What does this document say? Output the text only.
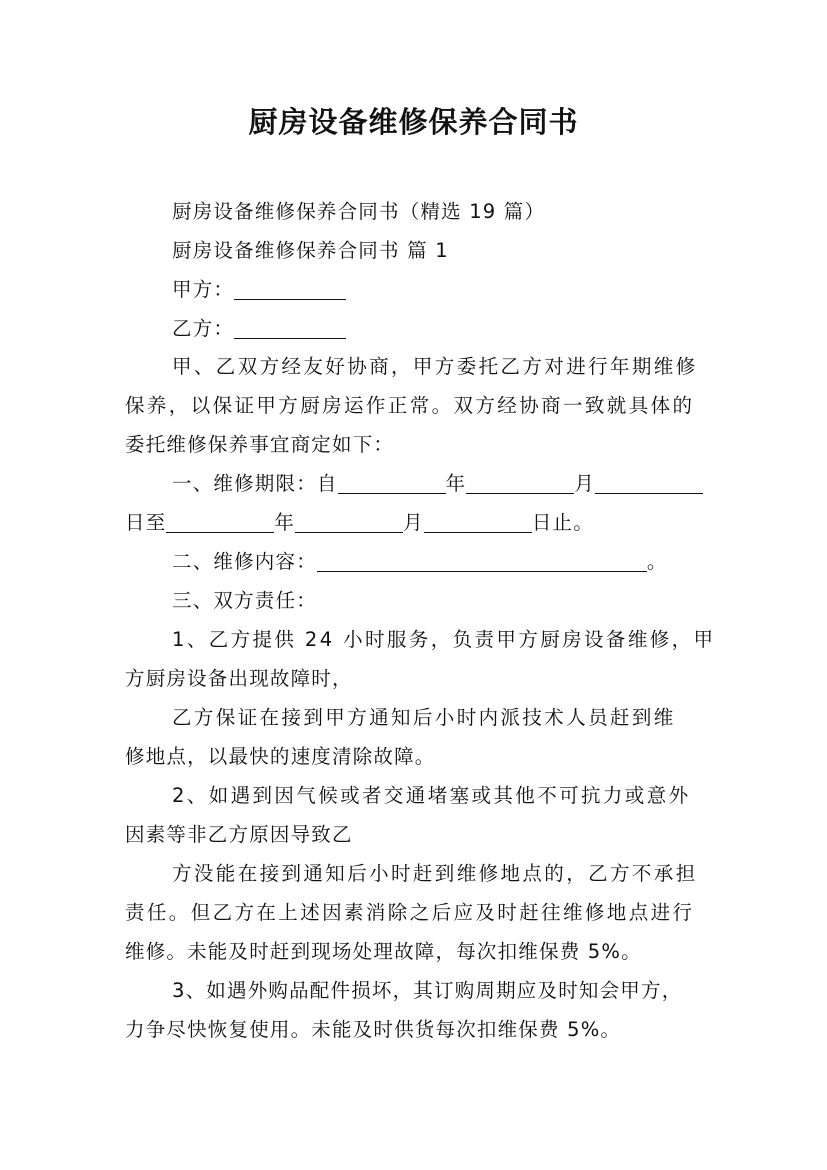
厨房设备维修保养合同书
厨房设备维修保养合同书（精选 19 篇）
厨房设备维修保养合同书 篇 1
甲方：
乙方：
甲、乙双方经友好协商，甲方委托乙方对进行年期维修
保养，以保证甲方厨房运作正常。双方经协商一致就具体的
委托维修保养事宜商定如下：
一、维修期限：自	年	月
日至	年	月	日止。
二、维修内容：	。
三、双方责任：
1、乙方提供 24 小时服务，负责甲方厨房设备维修，甲
方厨房设备出现故障时，
乙方保证在接到甲方通知后小时内派技术人员赶到维
修地点，以最快的速度清除故障。
2、如遇到因气候或者交通堵塞或其他不可抗力或意外
因素等非乙方原因导致乙
方没能在接到通知后小时赶到维修地点的，乙方不承担
责任。但乙方在上述因素消除之后应及时赶往维修地点进行
维修。未能及时赶到现场处理故障，每次扣维保费 5%。
3、如遇外购品配件损坏，其订购周期应及时知会甲方，
力争尽快恢复使用。未能及时供货每次扣维保费 5%。
